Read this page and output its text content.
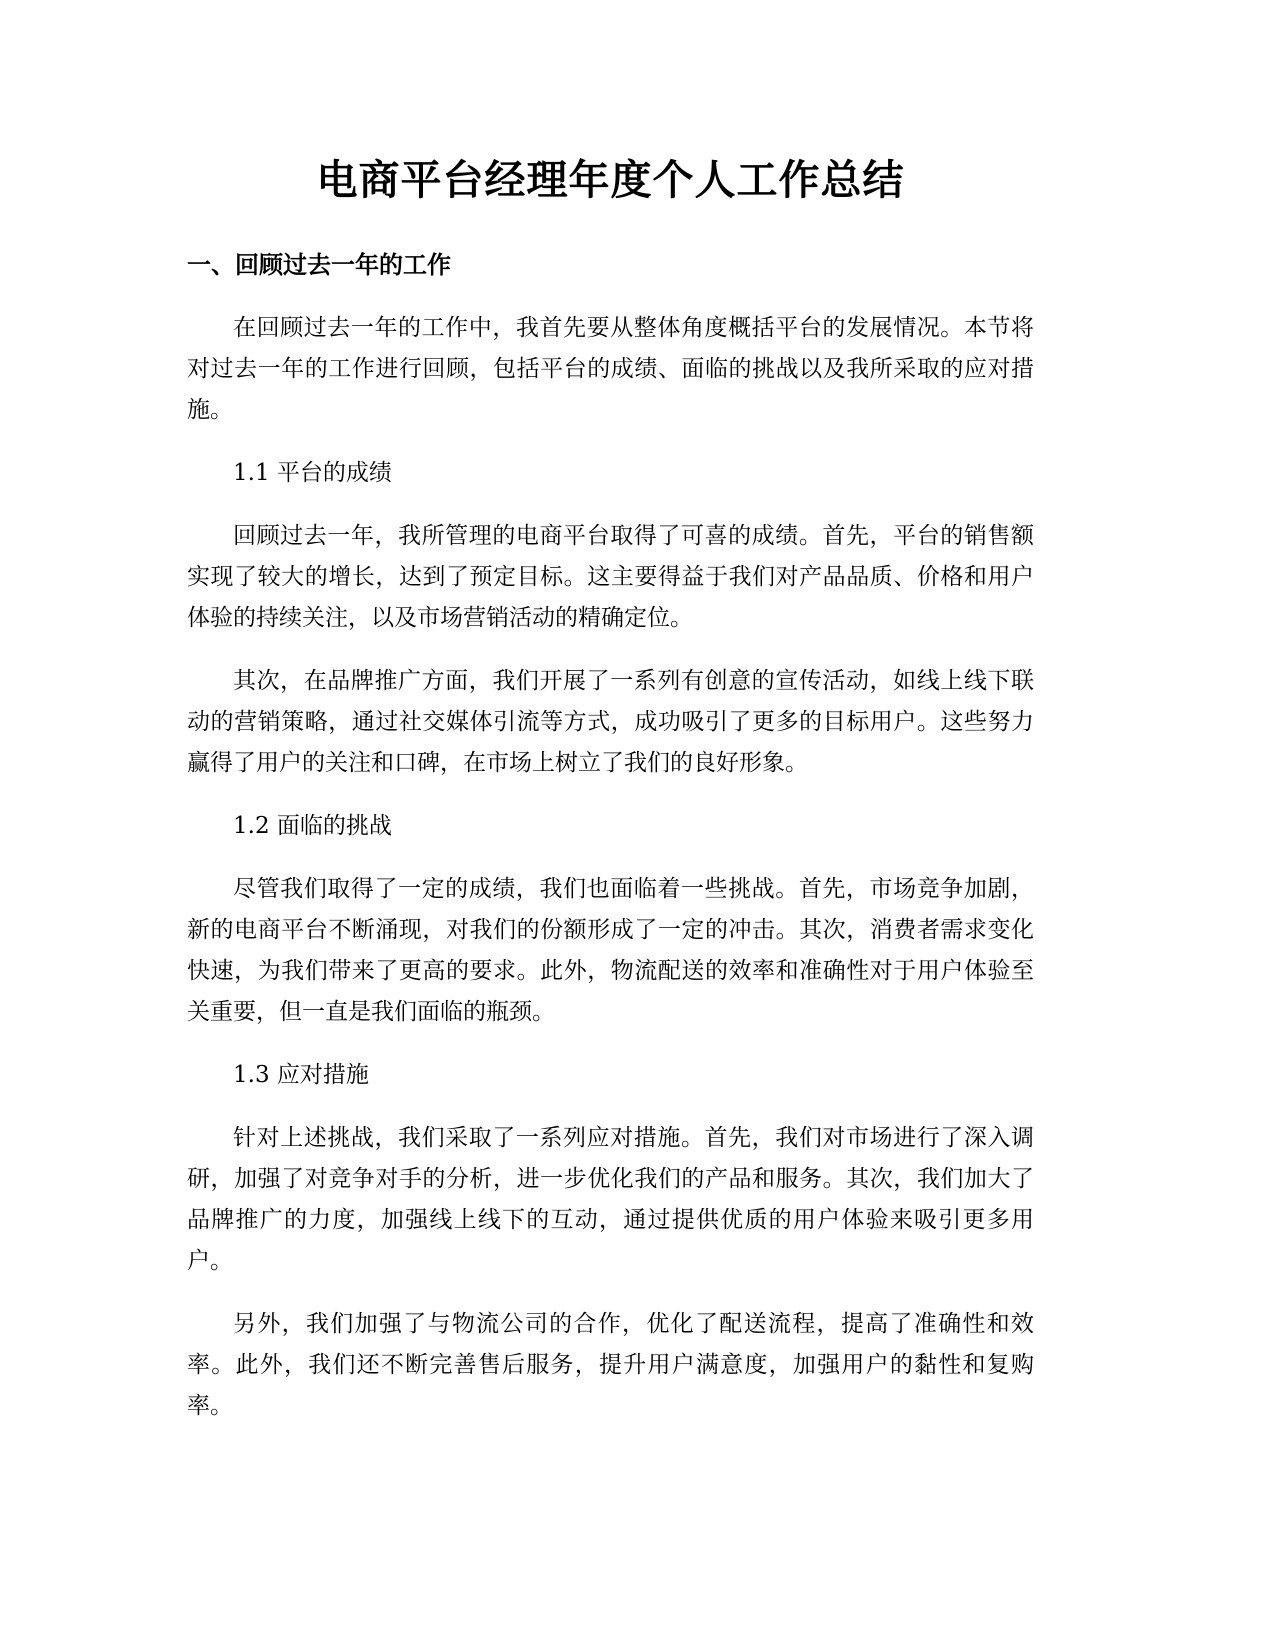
电商平台经理年度个人工作总结
一、回顾过去一年的工作

在回顾过去一年的工作中，我首先要从整体角度概括平台的发展情况。本节将对过去一年的工作进行回顾，包括平台的成绩、面临的挑战以及我所采取的应对措施。

1.1 平台的成绩

回顾过去一年，我所管理的电商平台取得了可喜的成绩。首先，平台的销售额实现了较大的增长，达到了预定目标。这主要得益于我们对产品品质、价格和用户体验的持续关注，以及市场营销活动的精确定位。

其次，在品牌推广方面，我们开展了一系列有创意的宣传活动，如线上线下联动的营销策略，通过社交媒体引流等方式，成功吸引了更多的目标用户。这些努力赢得了用户的关注和口碑，在市场上树立了我们的良好形象。

1.2 面临的挑战

尽管我们取得了一定的成绩，我们也面临着一些挑战。首先，市场竞争加剧，新的电商平台不断涌现，对我们的份额形成了一定的冲击。其次，消费者需求变化快速，为我们带来了更高的要求。此外，物流配送的效率和准确性对于用户体验至关重要，但一直是我们面临的瓶颈。

1.3 应对措施

针对上述挑战，我们采取了一系列应对措施。首先，我们对市场进行了深入调研，加强了对竞争对手的分析，进一步优化我们的产品和服务。其次，我们加大了品牌推广的力度，加强线上线下的互动，通过提供优质的用户体验来吸引更多用户。

另外，我们加强了与物流公司的合作，优化了配送流程，提高了准确性和效率。此外，我们还不断完善售后服务，提升用户满意度，加强用户的黏性和复购率。
